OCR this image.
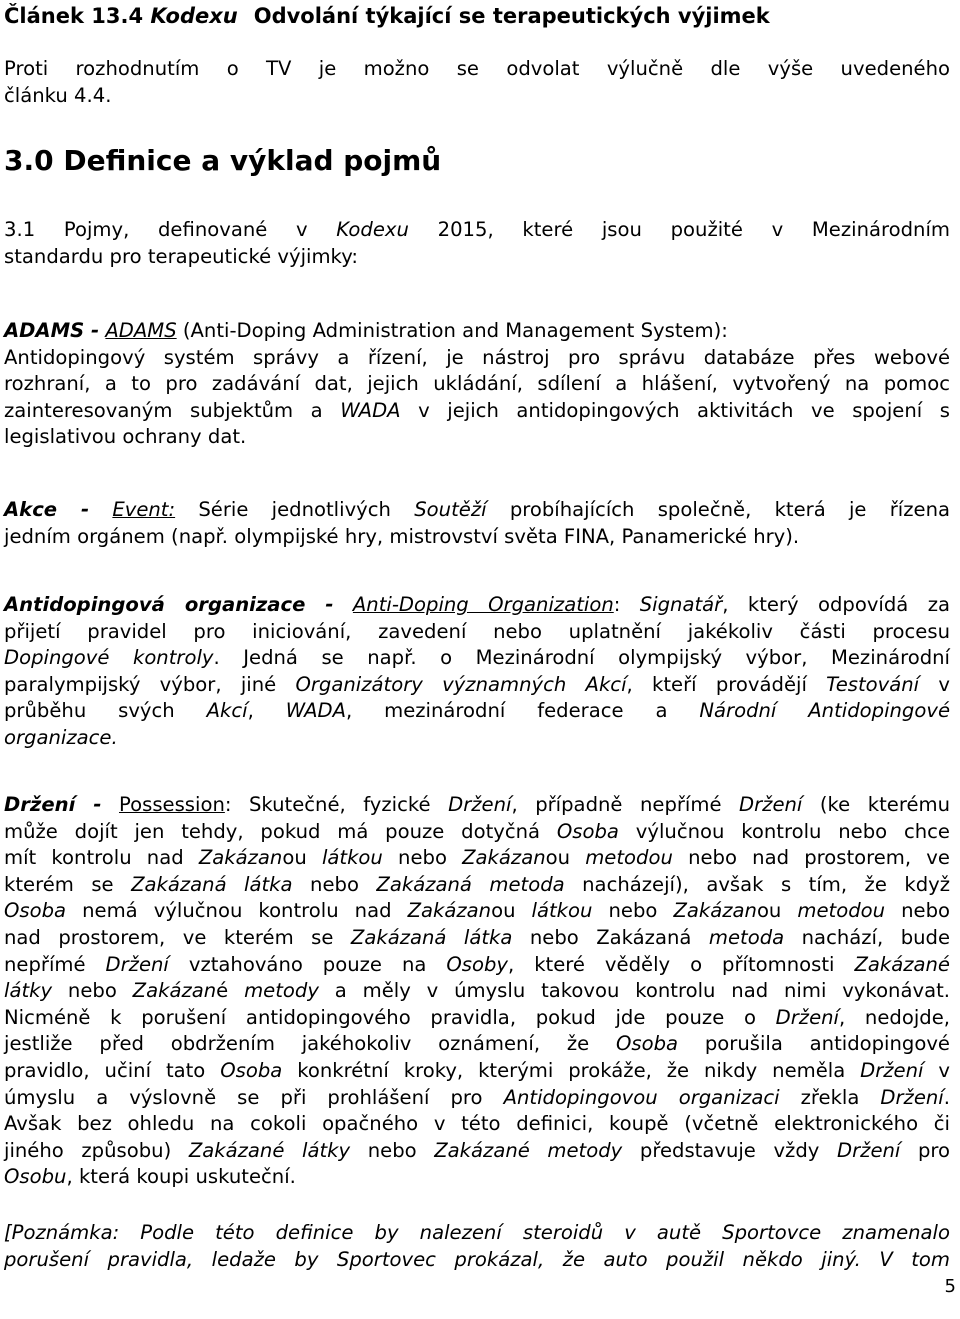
Článek 13.4 Kodexu Odvolání týkající se terapeutických výjimek
Proti rozhodnutím o TV je možno se odvolat výlučně dle výše uvedeného
článku 4.4.
3.0 Definice a výklad pojmů
3.1 Pojmy, definované v Kodexu 2015, které jsou použité v Mezinárodním
standardu pro terapeutické výjimky:
ADAMS - ADAMS (Anti-Doping Administration and Management System):
Antidopingový systém správy a řízení, je nástroj pro správu databáze přes webové
rozhraní, a to pro zadávání dat, jejich ukládání, sdílení a hlášení, vytvořený na pomoc
zainteresovaným subjektům a WADA v jejich antidopingových aktivitách ve spojení s
legislativou ochrany dat.
Akce - Event: Série jednotlivých Soutěží probíhajících společně, která je řízena
jedním orgánem (např. olympijské hry, mistrovství světa FINA, Panamerické hry).
Antidopingová organizace - Anti-Doping Organization: Signatář, který odpovídá za
přijetí pravidel pro iniciování, zavedení nebo uplatnění jakékoliv části procesu
Dopingové kontroly. Jedná se např. o Mezinárodní olympijský výbor, Mezinárodní
paralympijský výbor, jiné Organizátory významných Akcí, kteří provádějí Testování v
průběhu svých Akcí, WADA, mezinárodní federace a Národní Antidopingové
organizace.
Držení - Possession: Skutečné, fyzické Držení, případně nepřímé Držení (ke kterému
může dojít jen tehdy, pokud má pouze dotyčná Osoba výlučnou kontrolu nebo chce
mít kontrolu nad Zakázanou látkou nebo Zakázanou metodou nebo nad prostorem, ve
kterém se Zakázaná látka nebo Zakázaná metoda nacházejí), avšak s tím, že když
Osoba nemá výlučnou kontrolu nad Zakázanou látkou nebo Zakázanou metodou nebo
nad prostorem, ve kterém se Zakázaná látka nebo Zakázaná metoda nachází, bude
nepřímé Držení vztahováno pouze na Osoby, které věděly o přítomnosti Zakázané
látky nebo Zakázané metody a měly v úmyslu takovou kontrolu nad nimi vykonávat.
Nicméně k porušení antidopingového pravidla, pokud jde pouze o Držení, nedojde,
jestliže před obdržením jakéhokoliv oznámení, že Osoba porušila antidopingové
pravidlo, učiní tato Osoba konkrétní kroky, kterými prokáže, že nikdy neměla Držení v
úmyslu a výslovně se při prohlášení pro Antidopingovou organizaci zřekla Držení.
Avšak bez ohledu na cokoli opačného v této definici, koupě (včetně elektronického či
jiného způsobu) Zakázané látky nebo Zakázané metody představuje vždy Držení pro
Osobu, která koupi uskuteční.
[Poznámka: Podle této definice by nalezení steroidů v autě Sportovce znamenalo
porušení pravidla, ledaže by Sportovec prokázal, že auto použil někdo jiný. V tom
5
